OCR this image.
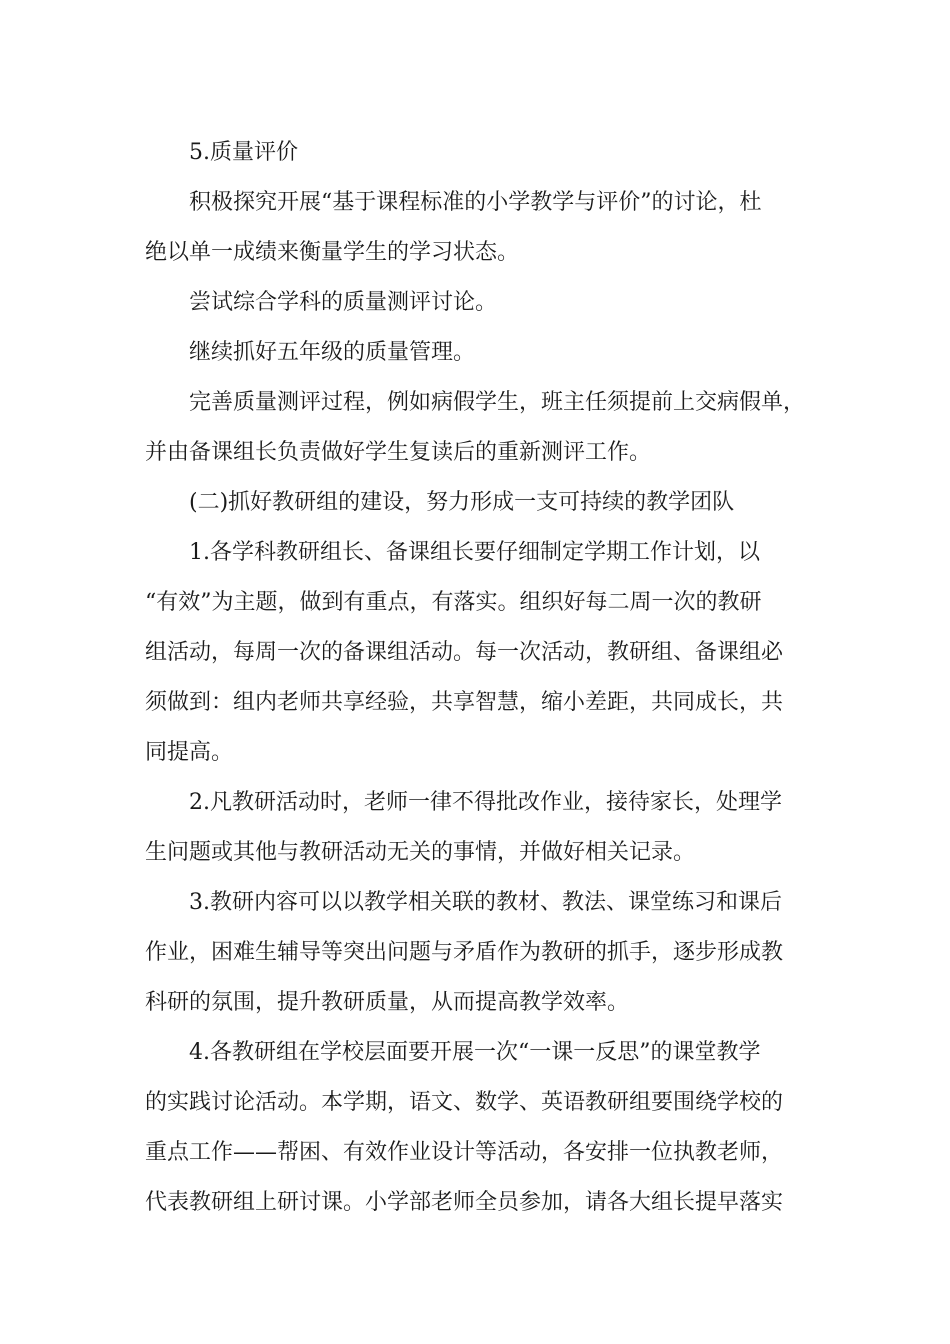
5.质量评价
积极探究开展“基于课程标准的小学教学与评价”的讨论，杜
绝以单一成绩来衡量学生的学习状态。
尝试综合学科的质量测评讨论。
继续抓好五年级的质量管理。
完善质量测评过程，例如病假学生，班主任须提前上交病假单，
并由备课组长负责做好学生复读后的重新测评工作。
(二)抓好教研组的建设，努力形成一支可持续的教学团队
1.各学科教研组长、备课组长要仔细制定学期工作计划，以
“有效”为主题，做到有重点，有落实。组织好每二周一次的教研
组活动，每周一次的备课组活动。每一次活动，教研组、备课组必
须做到：组内老师共享经验，共享智慧，缩小差距，共同成长，共
同提高。
2.凡教研活动时，老师一律不得批改作业，接待家长，处理学
生问题或其他与教研活动无关的事情，并做好相关记录。
3.教研内容可以以教学相关联的教材、教法、课堂练习和课后
作业，困难生辅导等突出问题与矛盾作为教研的抓手，逐步形成教
科研的氛围，提升教研质量，从而提高教学效率。
4.各教研组在学校层面要开展一次“一课一反思”的课堂教学
的实践讨论活动。本学期，语文、数学、英语教研组要围绕学校的
重点工作——帮困、有效作业设计等活动，各安排一位执教老师，
代表教研组上研讨课。小学部老师全员参加，请各大组长提早落实
